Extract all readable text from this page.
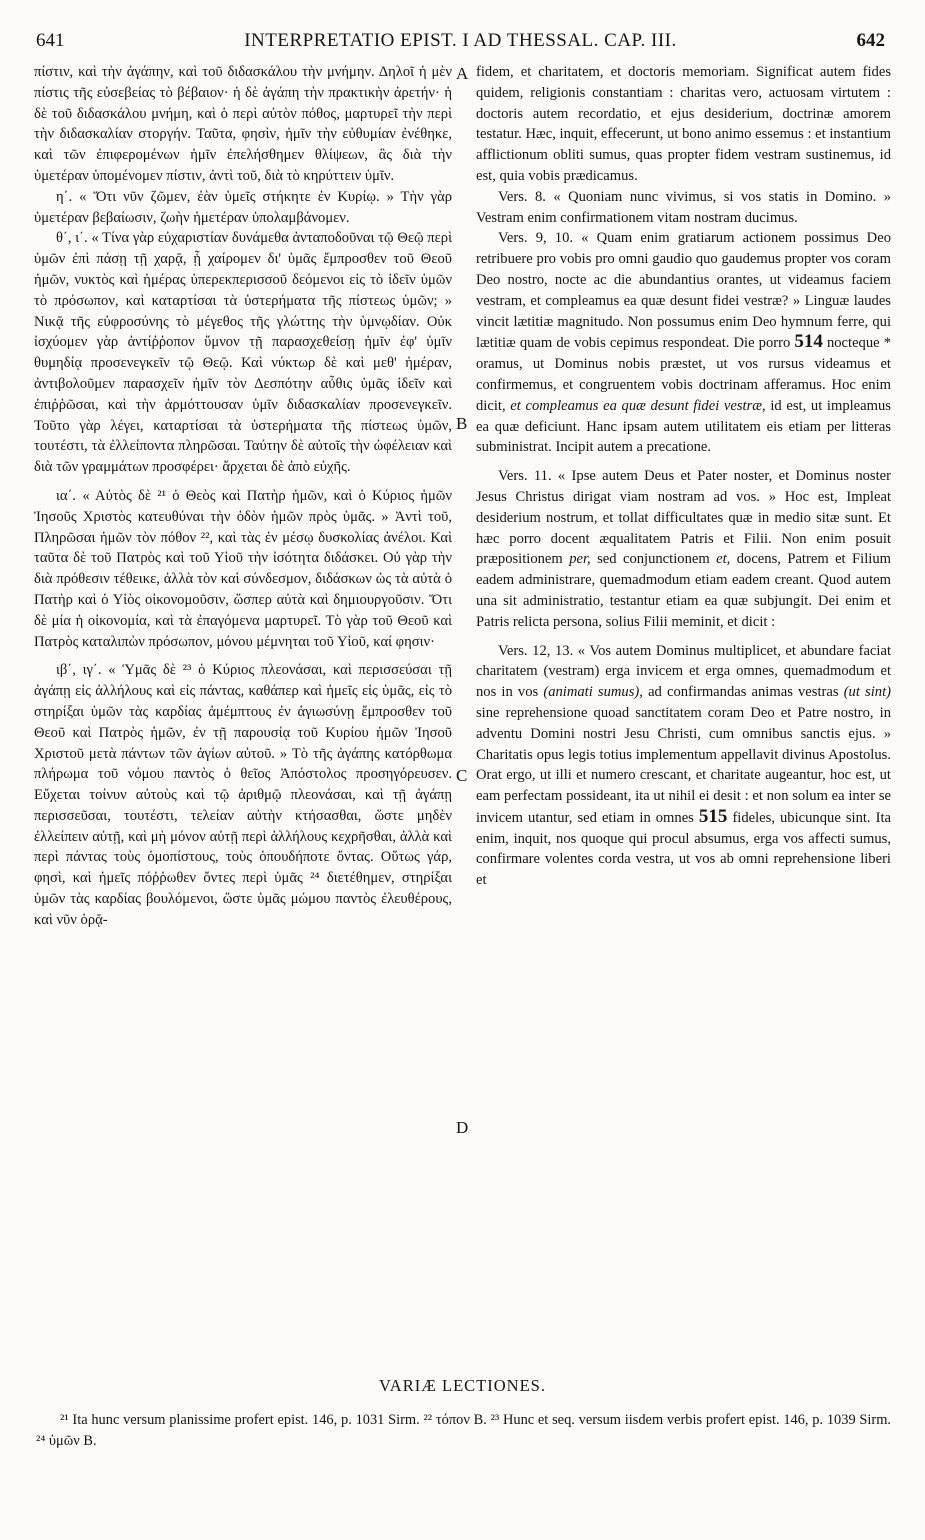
641	INTERPRETATIO EPIST. I AD THESSAL. CAP. III.	642

πίστιν, καὶ τὴν ἀγάπην, καὶ τοῦ διδασκάλου τὴν μνήμην. Δηλοῖ ἡ μὲν πίστις τῆς εὐσεβείας τὸ βέβαιον· ἡ δὲ ἀγάπη τὴν πρακτικὴν ἀρετήν· ἡ δὲ τοῦ διδασκάλου μνήμη, καὶ ὁ περὶ αὐτὸν πόθος, μαρτυρεῖ τὴν περὶ τὴν διδασκαλίαν στοργήν. Ταῦτα, φησὶν, ἡμῖν τὴν εὐθυμίαν ἐνέθηκε, καὶ τῶν ἐπιφερομένων ἡμῖν ἐπελήσθημεν θλίψεων, ἃς διὰ τὴν ὑμετέραν ὑπομένομεν πίστιν, ἀντὶ τοῦ, διὰ τὸ κηρύττειν ὑμῖν.

η΄. « Ὅτι νῦν ζῶμεν, ἐὰν ὑμεῖς στήκητε ἐν Κυρίῳ. » Τὴν γὰρ ὑμετέραν βεβαίωσιν, ζωὴν ἡμετέραν ὑπολαμβάνομεν.

θ΄, ι΄. « Τίνα γὰρ εὐχαριστίαν δυνάμεθα ἀνταποδοῦναι τῷ Θεῷ περὶ ὑμῶν ἐπὶ πάσῃ τῇ χαρᾷ, ᾗ χαίρομεν δι' ὑμᾶς ἔμπροσθεν τοῦ Θεοῦ ἡμῶν, νυκτὸς καὶ ἡμέρας ὑπερεκπερισσοῦ δεόμενοι εἰς τὸ ἰδεῖν ὑμῶν τὸ πρόσωπον, καὶ καταρτίσαι τὰ ὑστερήματα τῆς πίστεως ὑμῶν; » Νικᾷ τῆς εὐφροσύνης τὸ μέγεθος τῆς γλώττης τὴν ὑμνῳδίαν. Οὐκ ἰσχύομεν γὰρ ἀντίῤῥοπον ὕμνον τῇ παρασχεθείσῃ ἡμῖν ἐφ' ὑμῖν θυμηδίᾳ προσενεγκεῖν τῷ Θεῷ. Καὶ νύκτωρ δὲ καὶ μεθ' ἡμέραν, ἀντιβολοῦμεν παρασχεῖν ἡμῖν τὸν Δεσπότην αὖθις ὑμᾶς ἰδεῖν καὶ ἐπιῤῥῶσαι, καὶ τὴν ἁρμόττουσαν ὑμῖν διδασκαλίαν προσενεγκεῖν. Τοῦτο γὰρ λέγει, καταρτίσαι τὰ ὑστερήματα τῆς πίστεως ὑμῶν, τουτέστι, τὰ ἐλλείποντα πληρῶσαι. Ταύτην δὲ αὐτοῖς τὴν ὠφέλειαν καὶ διὰ τῶν γραμμάτων προσφέρει· ἄρχεται δὲ ἀπὸ εὐχῆς.

ια΄. « Αὐτὸς δὲ ²¹ ὁ Θεὸς καὶ Πατὴρ ἡμῶν, καὶ ὁ Κύριος ἡμῶν Ἰησοῦς Χριστὸς κατευθύναι τὴν ὁδὸν ἡμῶν πρὸς ὑμᾶς. » Ἀντὶ τοῦ, Πληρῶσαι ἡμῶν τὸν πόθον ²², καὶ τὰς ἐν μέσῳ δυσκολίας ἀνέλοι. Καὶ ταῦτα δὲ τοῦ Πατρὸς καὶ τοῦ Υἱοῦ τὴν ἰσότητα διδάσκει. Οὐ γὰρ τὴν διὰ πρόθεσιν τέθεικε, ἀλλὰ τὸν καὶ σύνδεσμον, διδάσκων ὡς τὰ αὐτὰ ὁ Πατὴρ καὶ ὁ Υἱὸς οἰκονομοῦσιν, ὥσπερ αὐτὰ καὶ δημιουργοῦσιν. Ὅτι δὲ μία ἡ οἰκονομία, καὶ τὰ ἐπαγόμενα μαρτυρεῖ. Τὸ γὰρ τοῦ Θεοῦ καὶ Πατρὸς καταλιπὼν πρόσωπον, μόνου μέμνηται τοῦ Υἱοῦ, καί φησιν·

ιβ΄, ιγ΄. « Ὑμᾶς δὲ ²³ ὁ Κύριος πλεονάσαι, καὶ περισσεύσαι τῇ ἀγάπῃ εἰς ἀλλήλους καὶ εἰς πάντας, καθάπερ καὶ ἡμεῖς εἰς ὑμᾶς, εἰς τὸ στηρίξαι ὑμῶν τὰς καρδίας ἀμέμπτους ἐν ἁγιωσύνῃ ἔμπροσθεν τοῦ Θεοῦ καὶ Πατρὸς ἡμῶν, ἐν τῇ παρουσίᾳ τοῦ Κυρίου ἡμῶν Ἰησοῦ Χριστοῦ μετὰ πάντων τῶν ἁγίων αὐτοῦ. » Τὸ τῆς ἀγάπης κατόρθωμα πλήρωμα τοῦ νόμου παντὸς ὁ θεῖος Ἀπόστολος προσηγόρευσεν. Εὔχεται τοίνυν αὐτοὺς καὶ τῷ ἀριθμῷ πλεονάσαι, καὶ τῇ ἀγάπῃ περισσεῦσαι, τουτέστι, τελείαν αὐτὴν κτήσασθαι, ὥστε μηδὲν ἐλλείπειν αὐτῇ, καὶ μὴ μόνον αὐτῇ περὶ ἀλλήλους κεχρῆσθαι, ἀλλὰ καὶ περὶ πάντας τοὺς ὁμοπίστους, τοὺς ὁπουδήποτε ὄντας. Οὕτως γάρ, φησὶ, καὶ ἡμεῖς πόῤῥωθεν ὄντες περὶ ὑμᾶς ²⁴ διετέθημεν, στηρίξαι ὑμῶν τὰς καρδίας βουλόμενοι, ὥστε ὑμᾶς μώμου παντὸς ἐλευθέρους, καὶ νῦν ὁρᾷ-

A
B
C
D

fidem, et charitatem, et doctoris memoriam. Significat autem fides quidem, religionis constantiam : charitas vero, actuosam virtutem : doctoris autem recordatio, et ejus desiderium, doctrinæ amorem testatur. Hæc, inquit, effecerunt, ut bono animo essemus : et instantium afflictionum obliti sumus, quas propter fidem vestram sustinemus, id est, quia vobis prædicamus.

Vers. 8. « Quoniam nunc vivimus, si vos statis in Domino. » Vestram enim confirmationem vitam nostram ducimus.

Vers. 9, 10. « Quam enim gratiarum actionem possimus Deo retribuere pro vobis pro omni gaudio quo gaudemus propter vos coram Deo nostro, nocte ac die abundantius orantes, ut videamus faciem vestram, et compleamus ea quæ desunt fidei vestræ? » Linguæ laudes vincit lætitiæ magnitudo. Non possumus enim Deo hymnum ferre, qui lætitiæ quam de vobis cepimus respondeat. Die porro 514 nocteque * oramus, ut Dominus nobis præstet, ut vos rursus videamus et confirmemus, et congruentem vobis doctrinam afferamus. Hoc enim dicit, et compleamus ea quæ desunt fidei vestræ, id est, ut impleamus ea quæ deficiunt. Hanc ipsam autem utilitatem eis etiam per litteras subministrat. Incipit autem a precatione.

Vers. 11. « Ipse autem Deus et Pater noster, et Dominus noster Jesus Christus dirigat viam nostram ad vos. » Hoc est, Impleat desiderium nostrum, et tollat difficultates quæ in medio sitæ sunt. Et hæc porro docent æqualitatem Patris et Filii. Non enim posuit præpositionem per, sed conjunctionem et, docens, Patrem et Filium eadem administrare, quemadmodum etiam eadem creant. Quod autem una sit administratio, testantur etiam ea quæ subjungit. Dei enim et Patris relicta persona, solius Filii meminit, et dicit :

Vers. 12, 13. « Vos autem Dominus multiplicet, et abundare faciat charitatem (vestram) erga invicem et erga omnes, quemadmodum et nos in vos (animati sumus), ad confirmandas animas vestras (ut sint) sine reprehensione quoad sanctitatem coram Deo et Patre nostro, in adventu Domini nostri Jesu Christi, cum omnibus sanctis ejus. » Charitatis opus legis totius implementum appellavit divinus Apostolus. Orat ergo, ut illi et numero crescant, et charitate augeantur, hoc est, ut eam perfectam possideant, ita ut nihil ei desit : et non solum ea inter se invicem utantur, sed etiam in omnes 515 fideles, ubicunque sint. Ita enim, inquit, nos quoque qui procul absumus, erga vos affecti sumus, confirmare volentes corda vestra, ut vos ab omni reprehensione liberi et

VARIÆ LECTIONES.

²¹ Ita hunc versum planissime profert epist. 146, p. 1031 Sirm. ²² τόπον B. ²³ Hunc et seq. versum iisdem verbis profert epist. 146, p. 1039 Sirm. ²⁴ ὑμῶν B.
